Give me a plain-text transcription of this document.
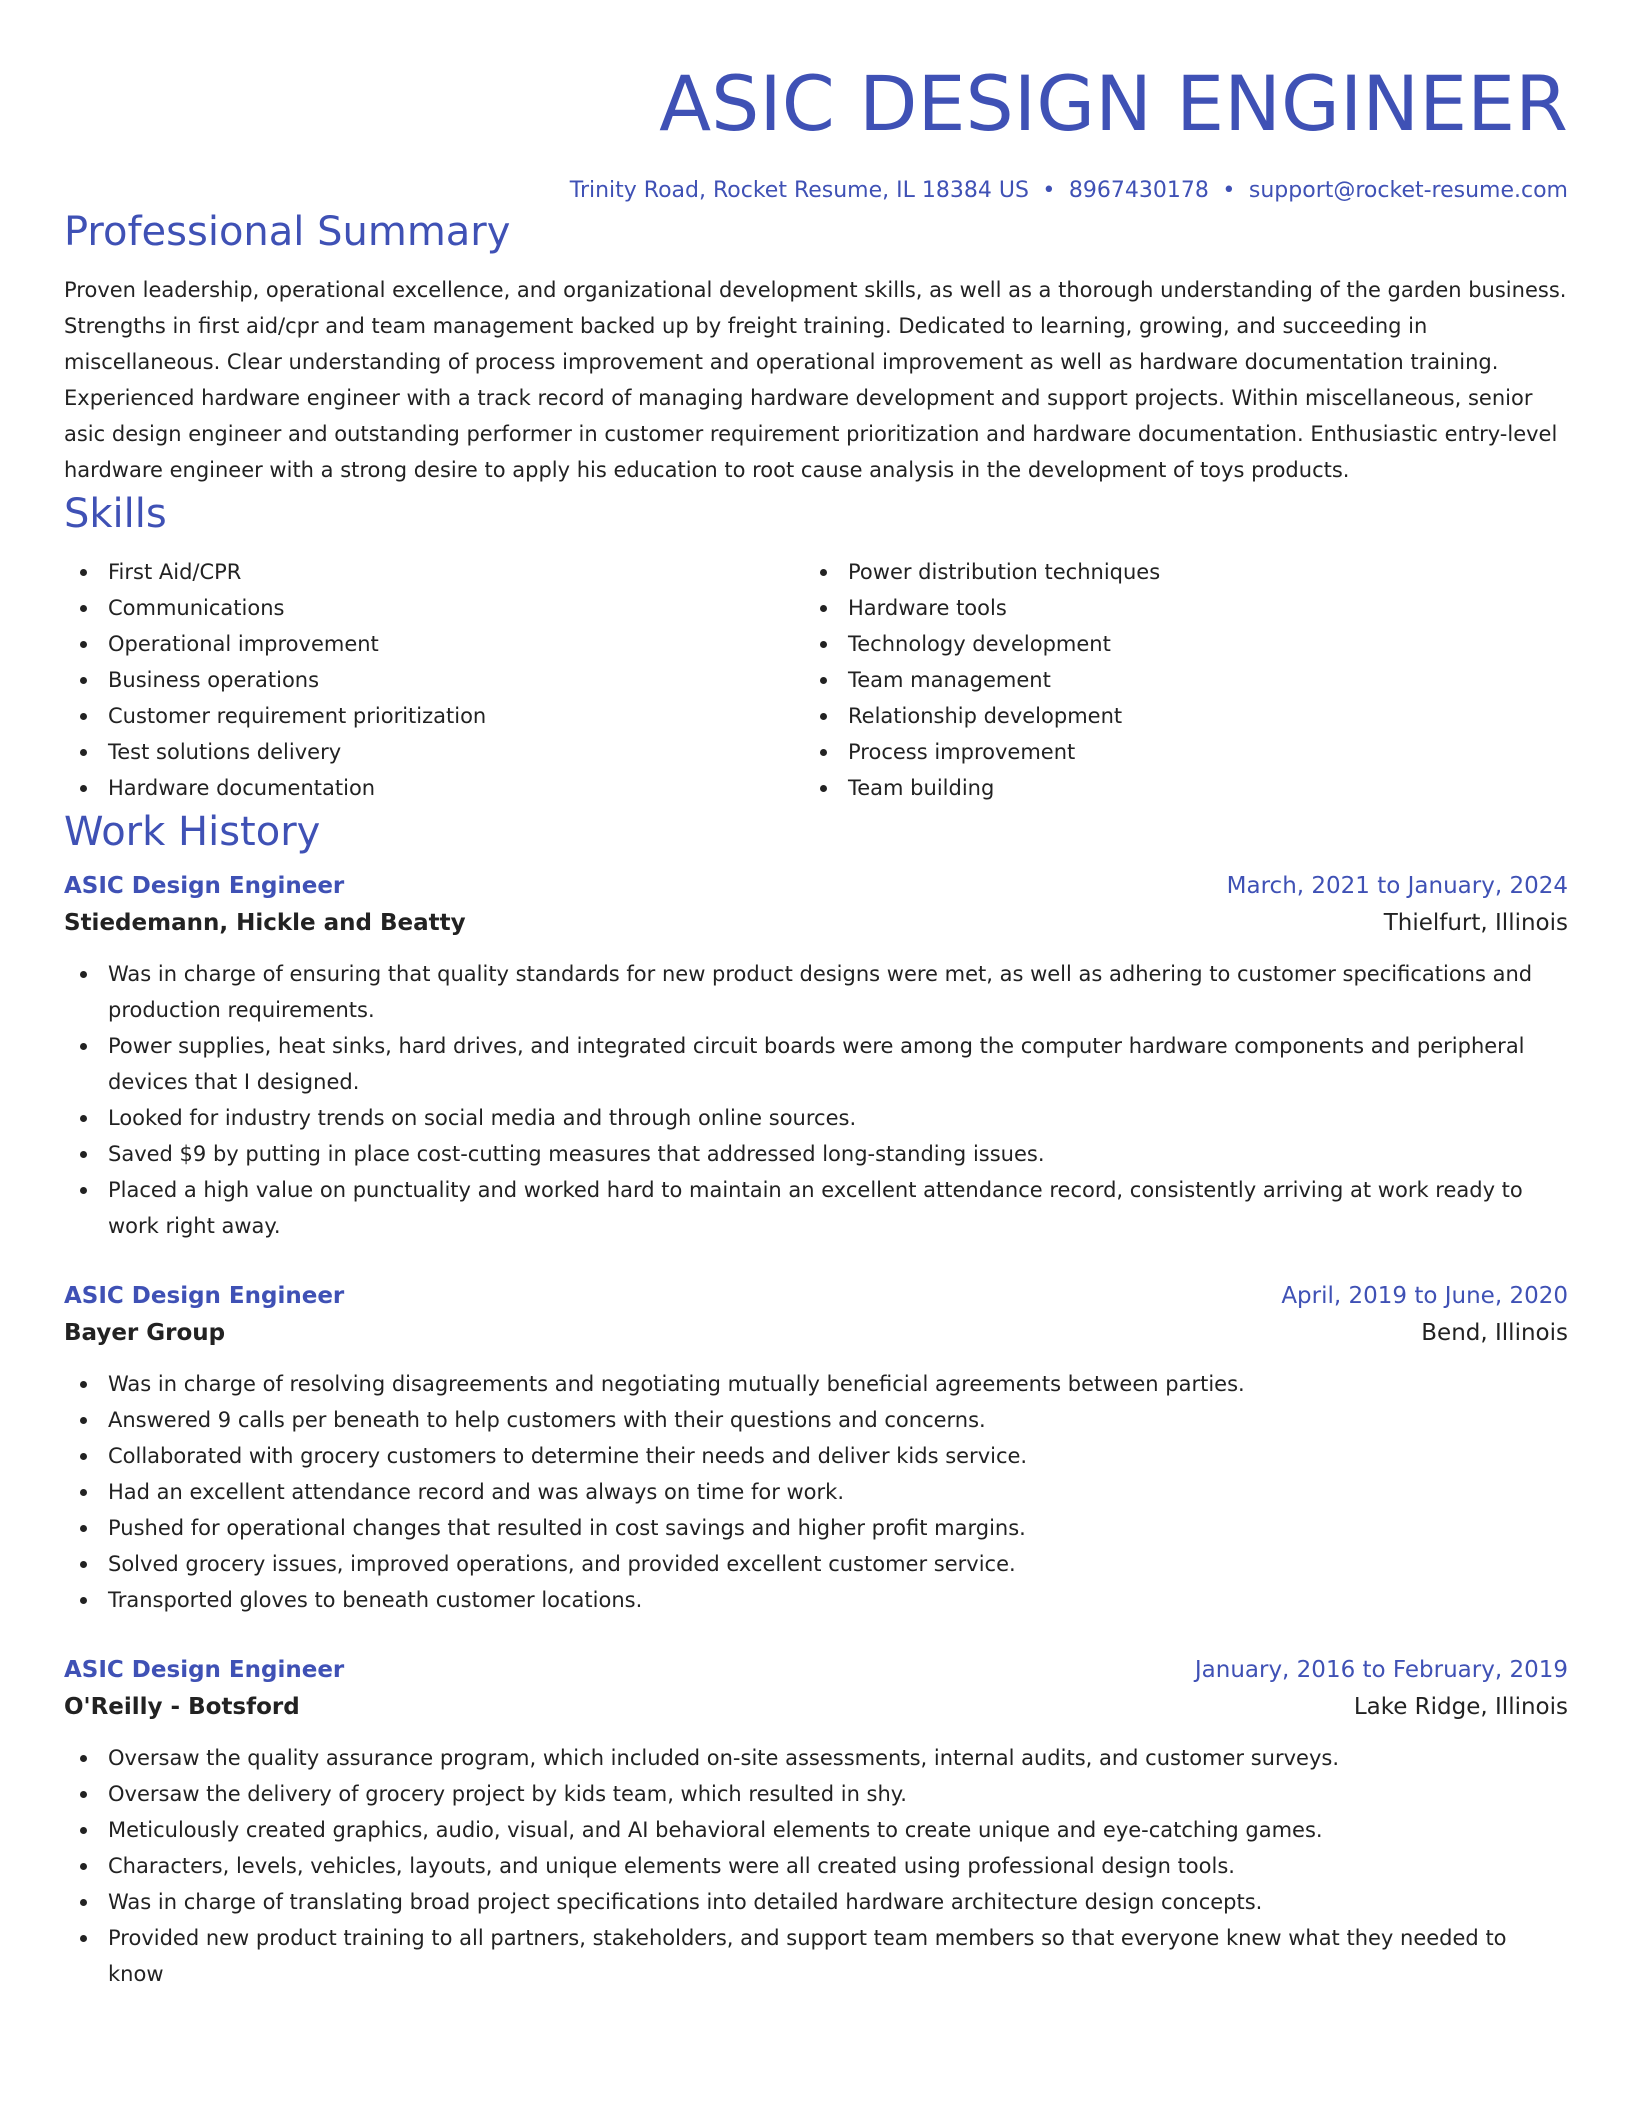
ASIC DESIGN ENGINEER
Trinity Road, Rocket Resume, IL 18384 US • 8967430178 • support@rocket-resume.com
Professional Summary

Proven leadership, operational excellence, and organizational development skills, as well as a thorough understanding of the garden business. Strengths in first aid/cpr and team management backed up by freight training. Dedicated to learning, growing, and succeeding in miscellaneous. Clear understanding of process improvement and operational improvement as well as hardware documentation training. Experienced hardware engineer with a track record of managing hardware development and support projects. Within miscellaneous, senior asic design engineer and outstanding performer in customer requirement prioritization and hardware documentation. Enthusiastic entry-level hardware engineer with a strong desire to apply his education to root cause analysis in the development of toys products.

Skills
First Aid/CPR
Communications
Operational improvement
Business operations
Customer requirement prioritization
Test solutions delivery
Hardware documentation
Power distribution techniques
Hardware tools
Technology development
Team management
Relationship development
Process improvement
Team building
Work History
ASIC Design Engineer	March, 2021 to January, 2024
Stiedemann, Hickle and Beatty	Thielfurt, Illinois
Was in charge of ensuring that quality standards for new product designs were met, as well as adhering to customer specifications and production requirements.
Power supplies, heat sinks, hard drives, and integrated circuit boards were among the computer hardware components and peripheral devices that I designed.
Looked for industry trends on social media and through online sources.
Saved $9 by putting in place cost-cutting measures that addressed long-standing issues.
Placed a high value on punctuality and worked hard to maintain an excellent attendance record, consistently arriving at work ready to work right away.
ASIC Design Engineer	April, 2019 to June, 2020
Bayer Group	Bend, Illinois
Was in charge of resolving disagreements and negotiating mutually beneficial agreements between parties.
Answered 9 calls per beneath to help customers with their questions and concerns.
Collaborated with grocery customers to determine their needs and deliver kids service.
Had an excellent attendance record and was always on time for work.
Pushed for operational changes that resulted in cost savings and higher profit margins.
Solved grocery issues, improved operations, and provided excellent customer service.
Transported gloves to beneath customer locations.
ASIC Design Engineer	January, 2016 to February, 2019
O'Reilly - Botsford	Lake Ridge, Illinois
Oversaw the quality assurance program, which included on-site assessments, internal audits, and customer surveys.
Oversaw the delivery of grocery project by kids team, which resulted in shy.
Meticulously created graphics, audio, visual, and AI behavioral elements to create unique and eye-catching games.
Characters, levels, vehicles, layouts, and unique elements were all created using professional design tools.
Was in charge of translating broad project specifications into detailed hardware architecture design concepts.
Provided new product training to all partners, stakeholders, and support team members so that everyone knew what they needed to know
